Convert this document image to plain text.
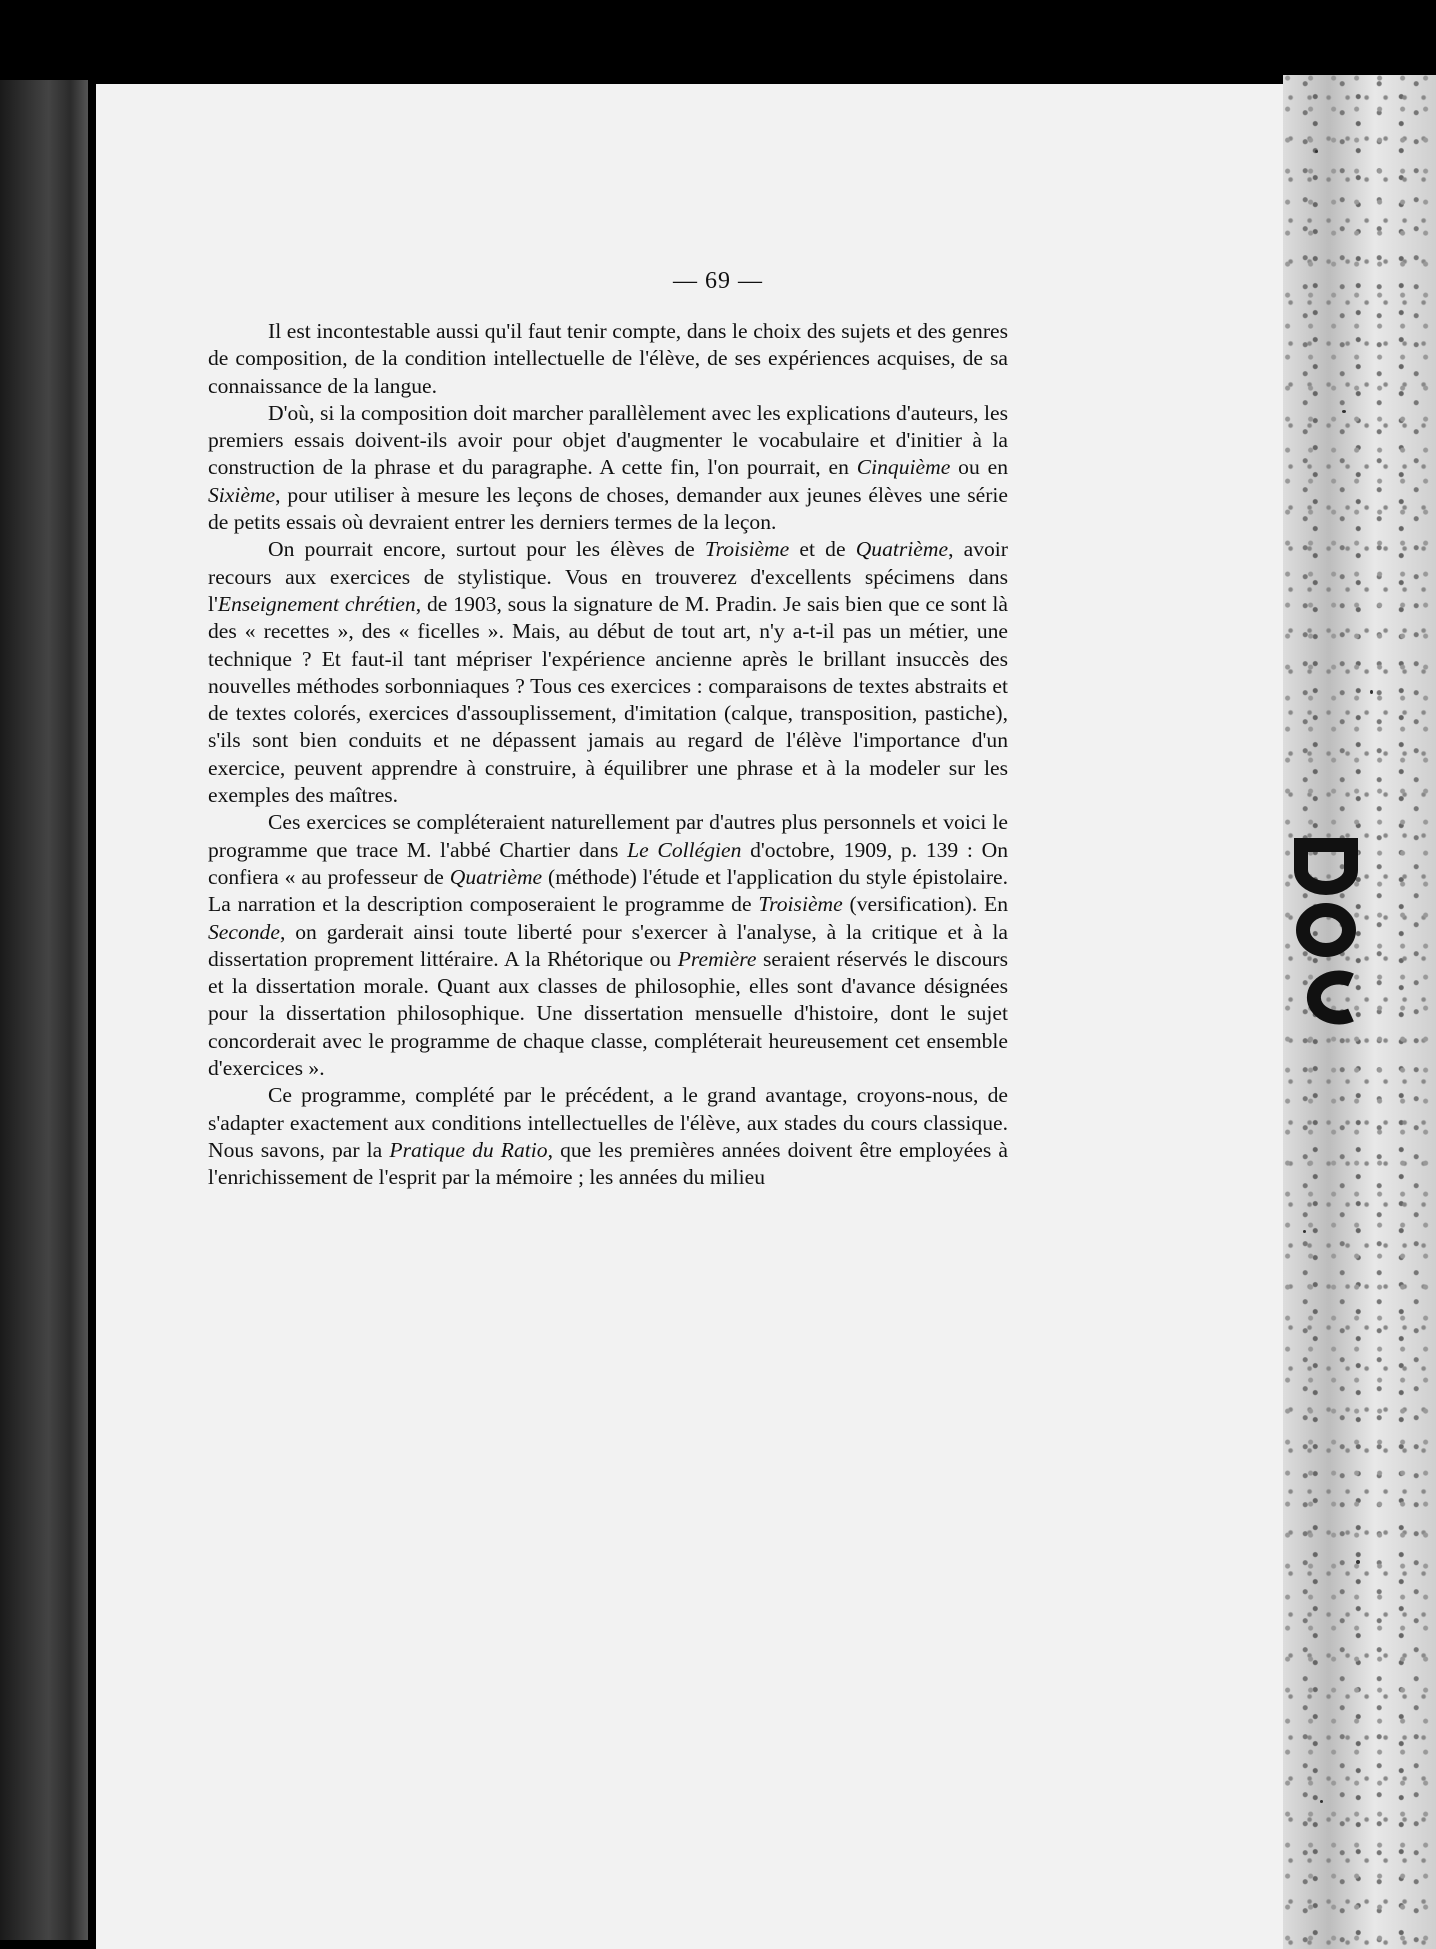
— 69 —

Il est incontestable aussi qu'il faut tenir compte, dans le choix des sujets et des genres de composition, de la condition intellectuelle de l'élève, de ses expériences acquises, de sa connaissance de la langue.

D'où, si la composition doit marcher parallèlement avec les explications d'auteurs, les premiers essais doivent-ils avoir pour objet d'augmenter le vocabulaire et d'initier à la construction de la phrase et du paragraphe. A cette fin, l'on pourrait, en Cinquième ou en Sixième, pour utiliser à mesure les leçons de choses, demander aux jeunes élèves une série de petits essais où devraient entrer les derniers termes de la leçon.

On pourrait encore, surtout pour les élèves de Troisième et de Quatrième, avoir recours aux exercices de stylistique. Vous en trouverez d'excellents spécimens dans l'Enseignement chrétien, de 1903, sous la signature de M. Pradin. Je sais bien que ce sont là des « recettes », des « ficelles ». Mais, au début de tout art, n'y a-t-il pas un métier, une technique ? Et faut-il tant mépriser l'expérience ancienne après le brillant insuccès des nouvelles méthodes sorbonniaques ? Tous ces exercices : comparaisons de textes abstraits et de textes colorés, exercices d'assouplissement, d'imitation (calque, transposition, pastiche), s'ils sont bien conduits et ne dépassent jamais au regard de l'élève l'importance d'un exercice, peuvent apprendre à construire, à équilibrer une phrase et à la modeler sur les exemples des maîtres.

Ces exercices se compléteraient naturellement par d'autres plus personnels et voici le programme que trace M. l'abbé Chartier dans Le Collégien d'octobre, 1909, p. 139 : On confiera « au professeur de Quatrième (méthode) l'étude et l'application du style épistolaire. La narration et la description composeraient le programme de Troisième (versification). En Seconde, on garderait ainsi toute liberté pour s'exercer à l'analyse, à la critique et à la dissertation proprement littéraire. A la Rhétorique ou Première seraient réservés le discours et la dissertation morale. Quant aux classes de philosophie, elles sont d'avance désignées pour la dissertation philosophique. Une dissertation mensuelle d'histoire, dont le sujet concorderait avec le programme de chaque classe, compléterait heureusement cet ensemble d'exercices ».

Ce programme, complété par le précédent, a le grand avantage, croyons-nous, de s'adapter exactement aux conditions intellectuelles de l'élève, aux stades du cours classique. Nous savons, par la Pratique du Ratio, que les premières années doivent être employées à l'enrichissement de l'esprit par la mémoire ; les années du milieu
